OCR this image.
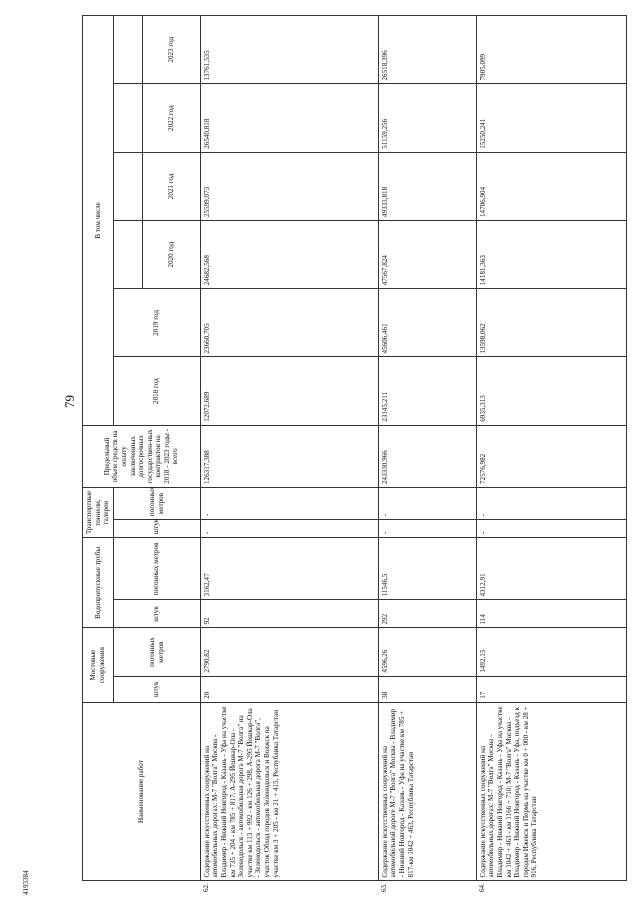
79
	Наименование работ	Мостовые сооружения		Водопропускные трубы		Транспортные тоннели, галереи		Предельный объем средств на оплату заключенных долгосрочных государствен-ных контрактов на 2018 - 2023 годы - всего	В том числе					
		штук	погонных метров	штук	погонных метров	штук	погонных метров		2018 год	2019 год				
											2020 год	2021 год	2022 год	2023 год
62.	Содержание искусственных сооружений на автомобильных дорогах: М-7 "Волга" Москва - Владимир - Нижний Новгород - Казань - Уфа на участке км 735 + 204 - км 785 + 817, А-295 Йошкар-Ола - Зеленодольск - автомобильная дорога М-7 "Волга" на участке км 113 + 992 - км 126 + 298, А-295 Йошкар-Ола - Зеленодольск - автомобильная дорога М-7 "Волга", участок Обход городов Зеленодольск и Волжск на участке км 3 + 205 - км 21 + 415, Республика Татарстан	20	2790,82	92	3162,47	-	-	126317,388	12072,689	23660,705	24682,568	25599,073	26540,818	13761,535
63.	Содержание искусственных сооружений на автомобильной дороге М-7 "Волга" Москва - Владимир - Нижний Новгород - Казань - Уфа на участке км 785 + 817-км 1042 + 463, Республика Татарстан	38	4596,26	292	11546,5	-	-	243330,966	23145,211	45606,461	47567,824	49333,818	51159,256	26518,396
64.	Содержание искусственных сооружений на автомобильных дорогах: М-7 "Волга" Москва - Владимир - Нижний Новгород - Казань - Уфа на участке км 1042 + 463 - км 1166 + 710; М-7 "Волга" Москва - Владимир - Нижний Новгород - Казань - Уфа, подъезд к городам Ижевск и Пермь на участке км 0 + 000 - км 28 + 916, Республика Татарстан	17	1492,15	114	4312,91	-	-	72576,982	6935,313	13598,062	14181,363	14706,904	15250,241	7905,099
4193384
